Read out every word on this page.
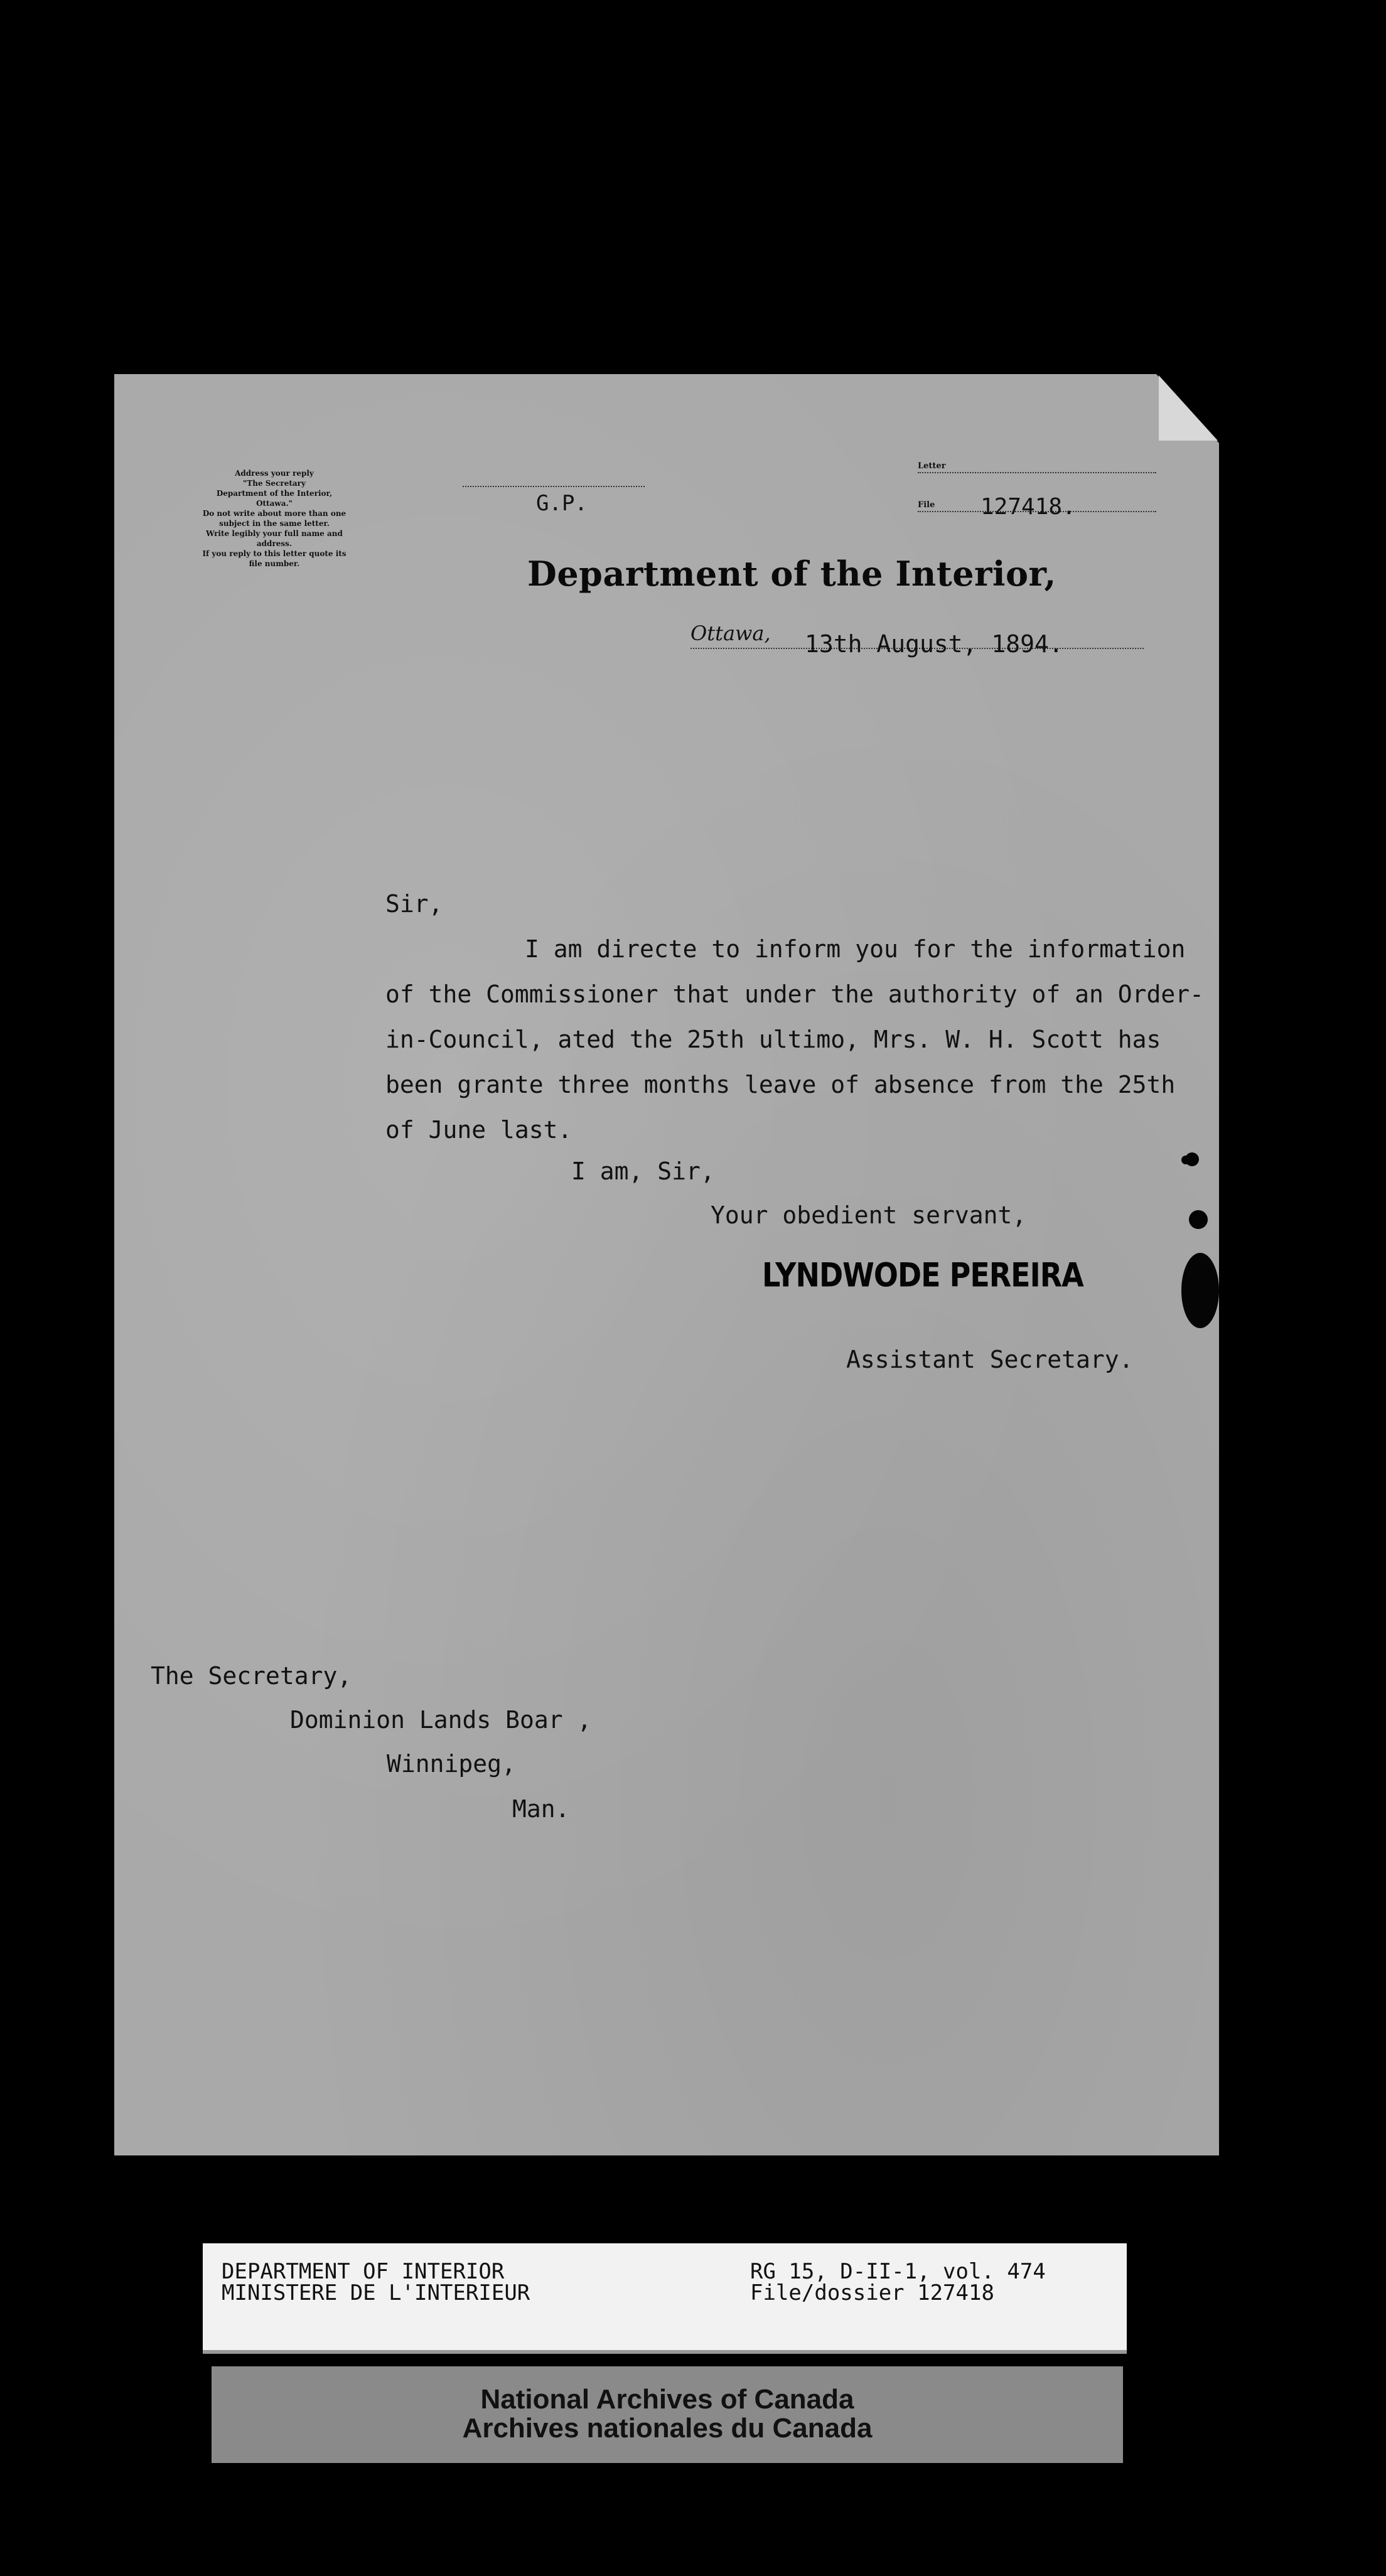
Address your reply
"The Secretary
Department of the Interior,
Ottawa."
Do not write about more than one
subject in the same letter.
Write legibly your full name and
address.
If you reply to this letter quote its
file number.
Letter
File 127418.
G.P.
Department of the Interior,
Ottawa, 13th August, 1894.
Sir,
I am directe to inform you for the information
of the Commissioner that under the authority of an Order-
in-Council, ated the 25th ultimo, Mrs. W. H. Scott has
been grante three months leave of absence from the 25th
of June last.
I am, Sir,
Your obedient servant,
LYNDWODE PEREIRA
Assistant Secretary.
The Secretary,
Dominion Lands Boar ,
Winnipeg,
Man.
DEPARTMENT OF INTERIOR
MINISTERE DE L'INTERIEUR
RG 15, D-II-1, vol. 474
File/dossier 127418
National Archives of Canada
Archives nationales du Canada
